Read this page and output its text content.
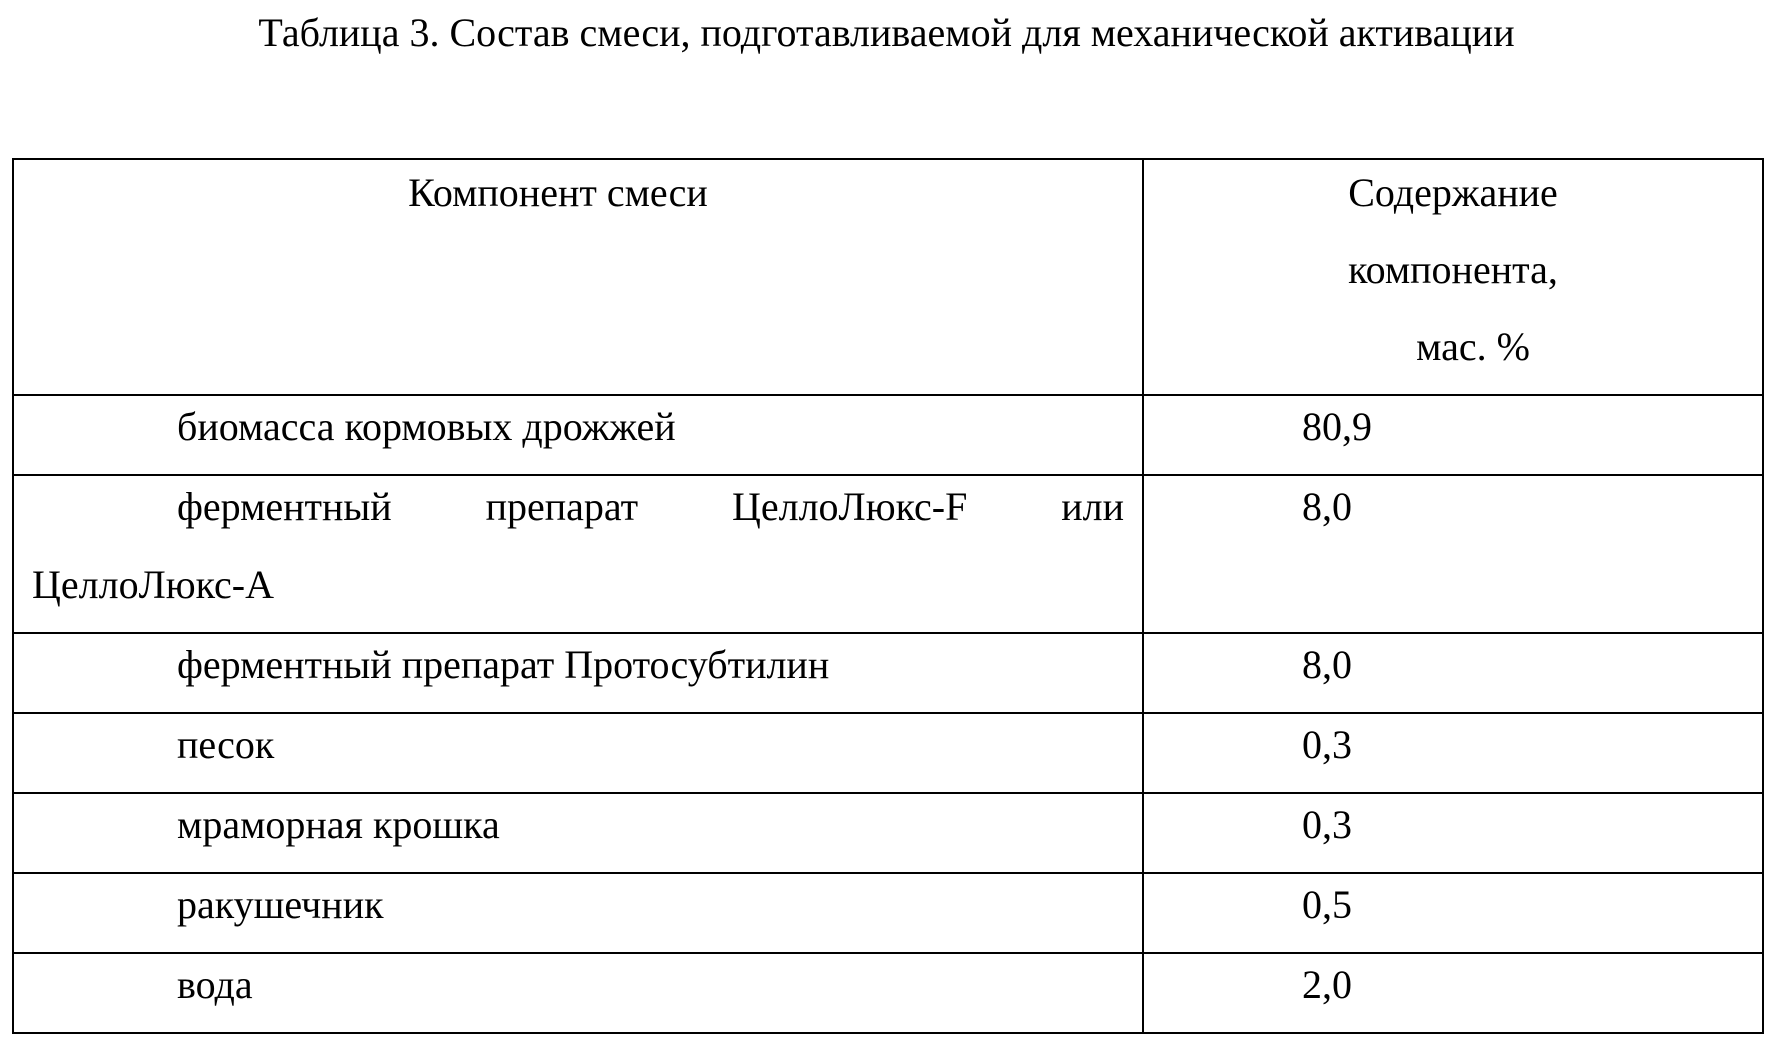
Таблица 3. Состав смеси, подготавливаемой для механической активации
Компонент смеси	Содержание
компонента,
мас. %

биомасса кормовых дрожжей	80,9

ферментный препарат ЦеллоЛюкс-F или
ЦеллоЛюкс-А	8,0

ферментный препарат Протосубтилин	8,0

песок	0,3

мраморная крошка	0,3

ракушечник	0,5

вода	2,0
